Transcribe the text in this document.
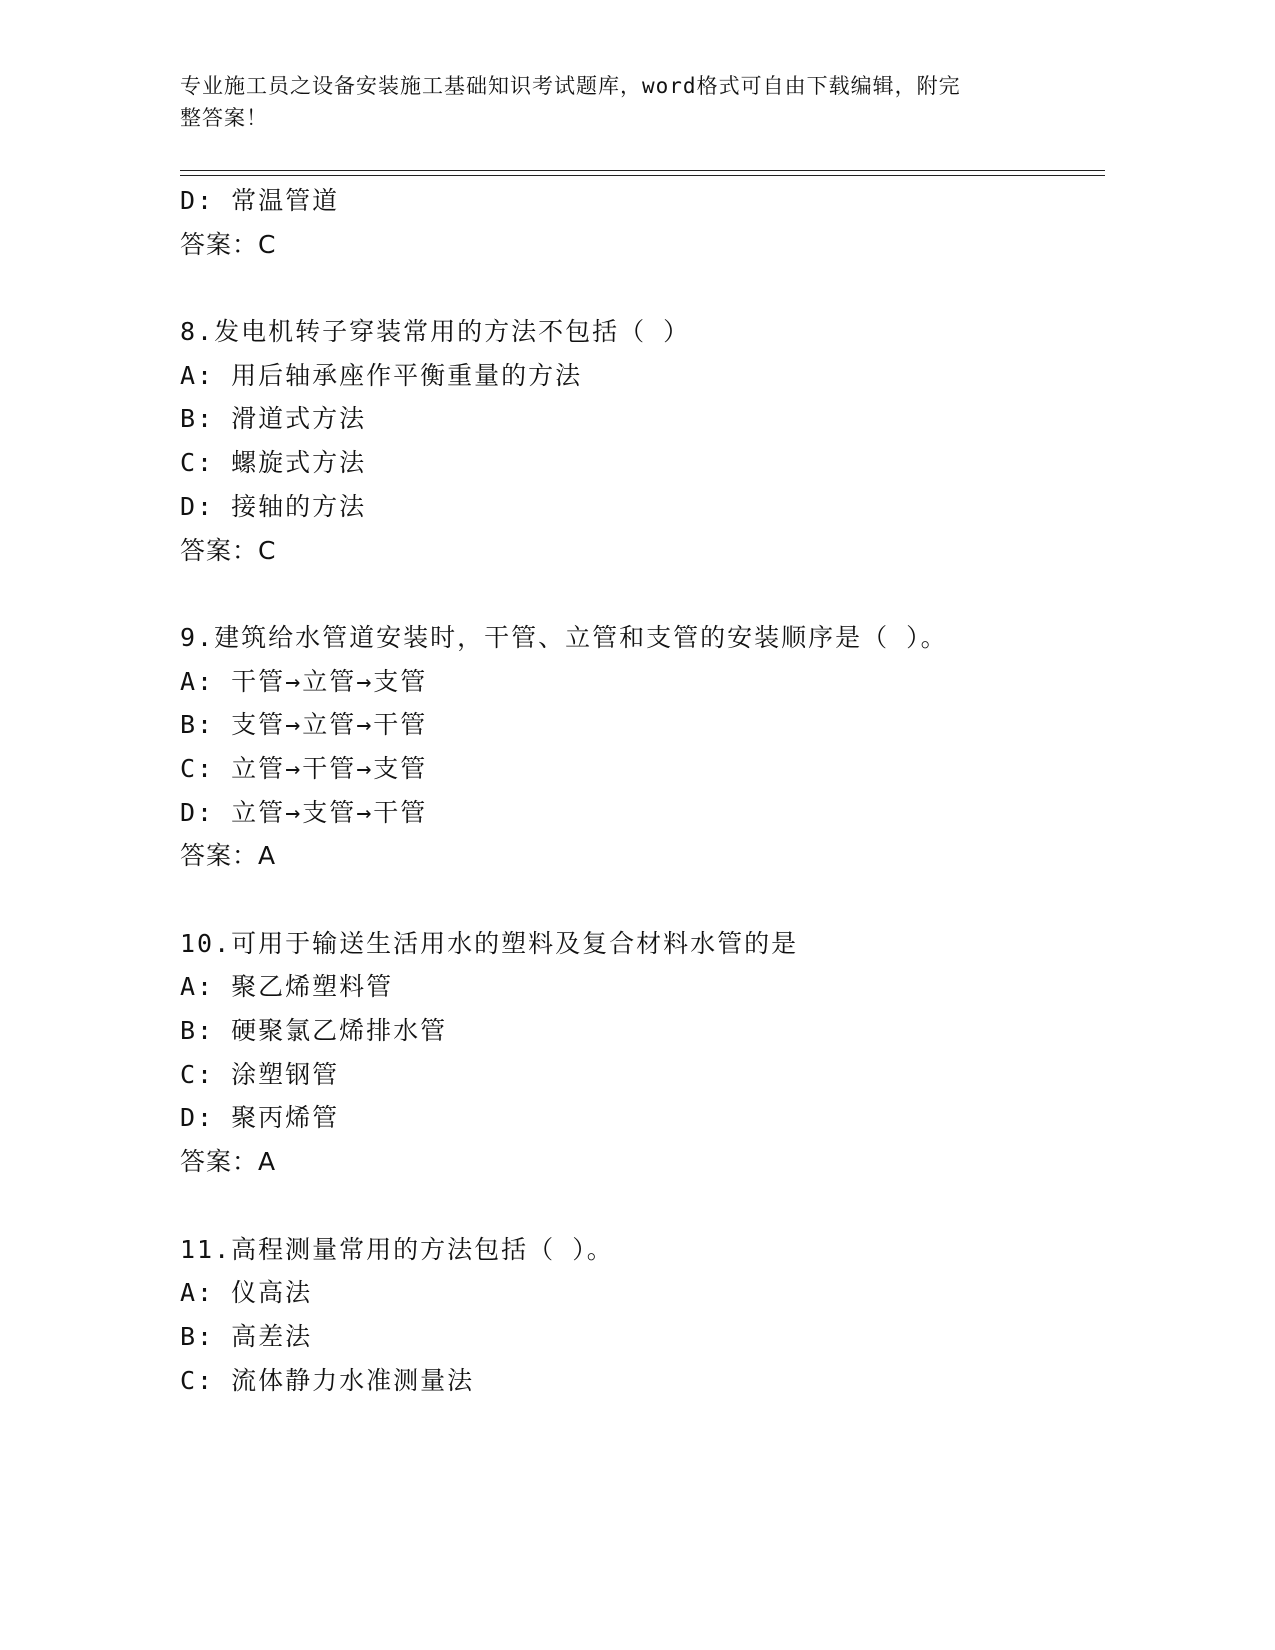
专业施工员之设备安装施工基础知识考试题库，word格式可自由下载编辑，附完
整答案！
D: 常温管道
答案：C
8.发电机转子穿装常用的方法不包括（ ）
A: 用后轴承座作平衡重量的方法
B: 滑道式方法
C: 螺旋式方法
D: 接轴的方法
答案：C
9.建筑给水管道安装时，干管、立管和支管的安装顺序是（ ）。
A: 干管→立管→支管
B: 支管→立管→干管
C: 立管→干管→支管
D: 立管→支管→干管
答案：A
10.可用于输送生活用水的塑料及复合材料水管的是
A: 聚乙烯塑料管
B: 硬聚氯乙烯排水管
C: 涂塑钢管
D: 聚丙烯管
答案：A
11.高程测量常用的方法包括（ ）。
A: 仪高法
B: 高差法
C: 流体静力水准测量法
